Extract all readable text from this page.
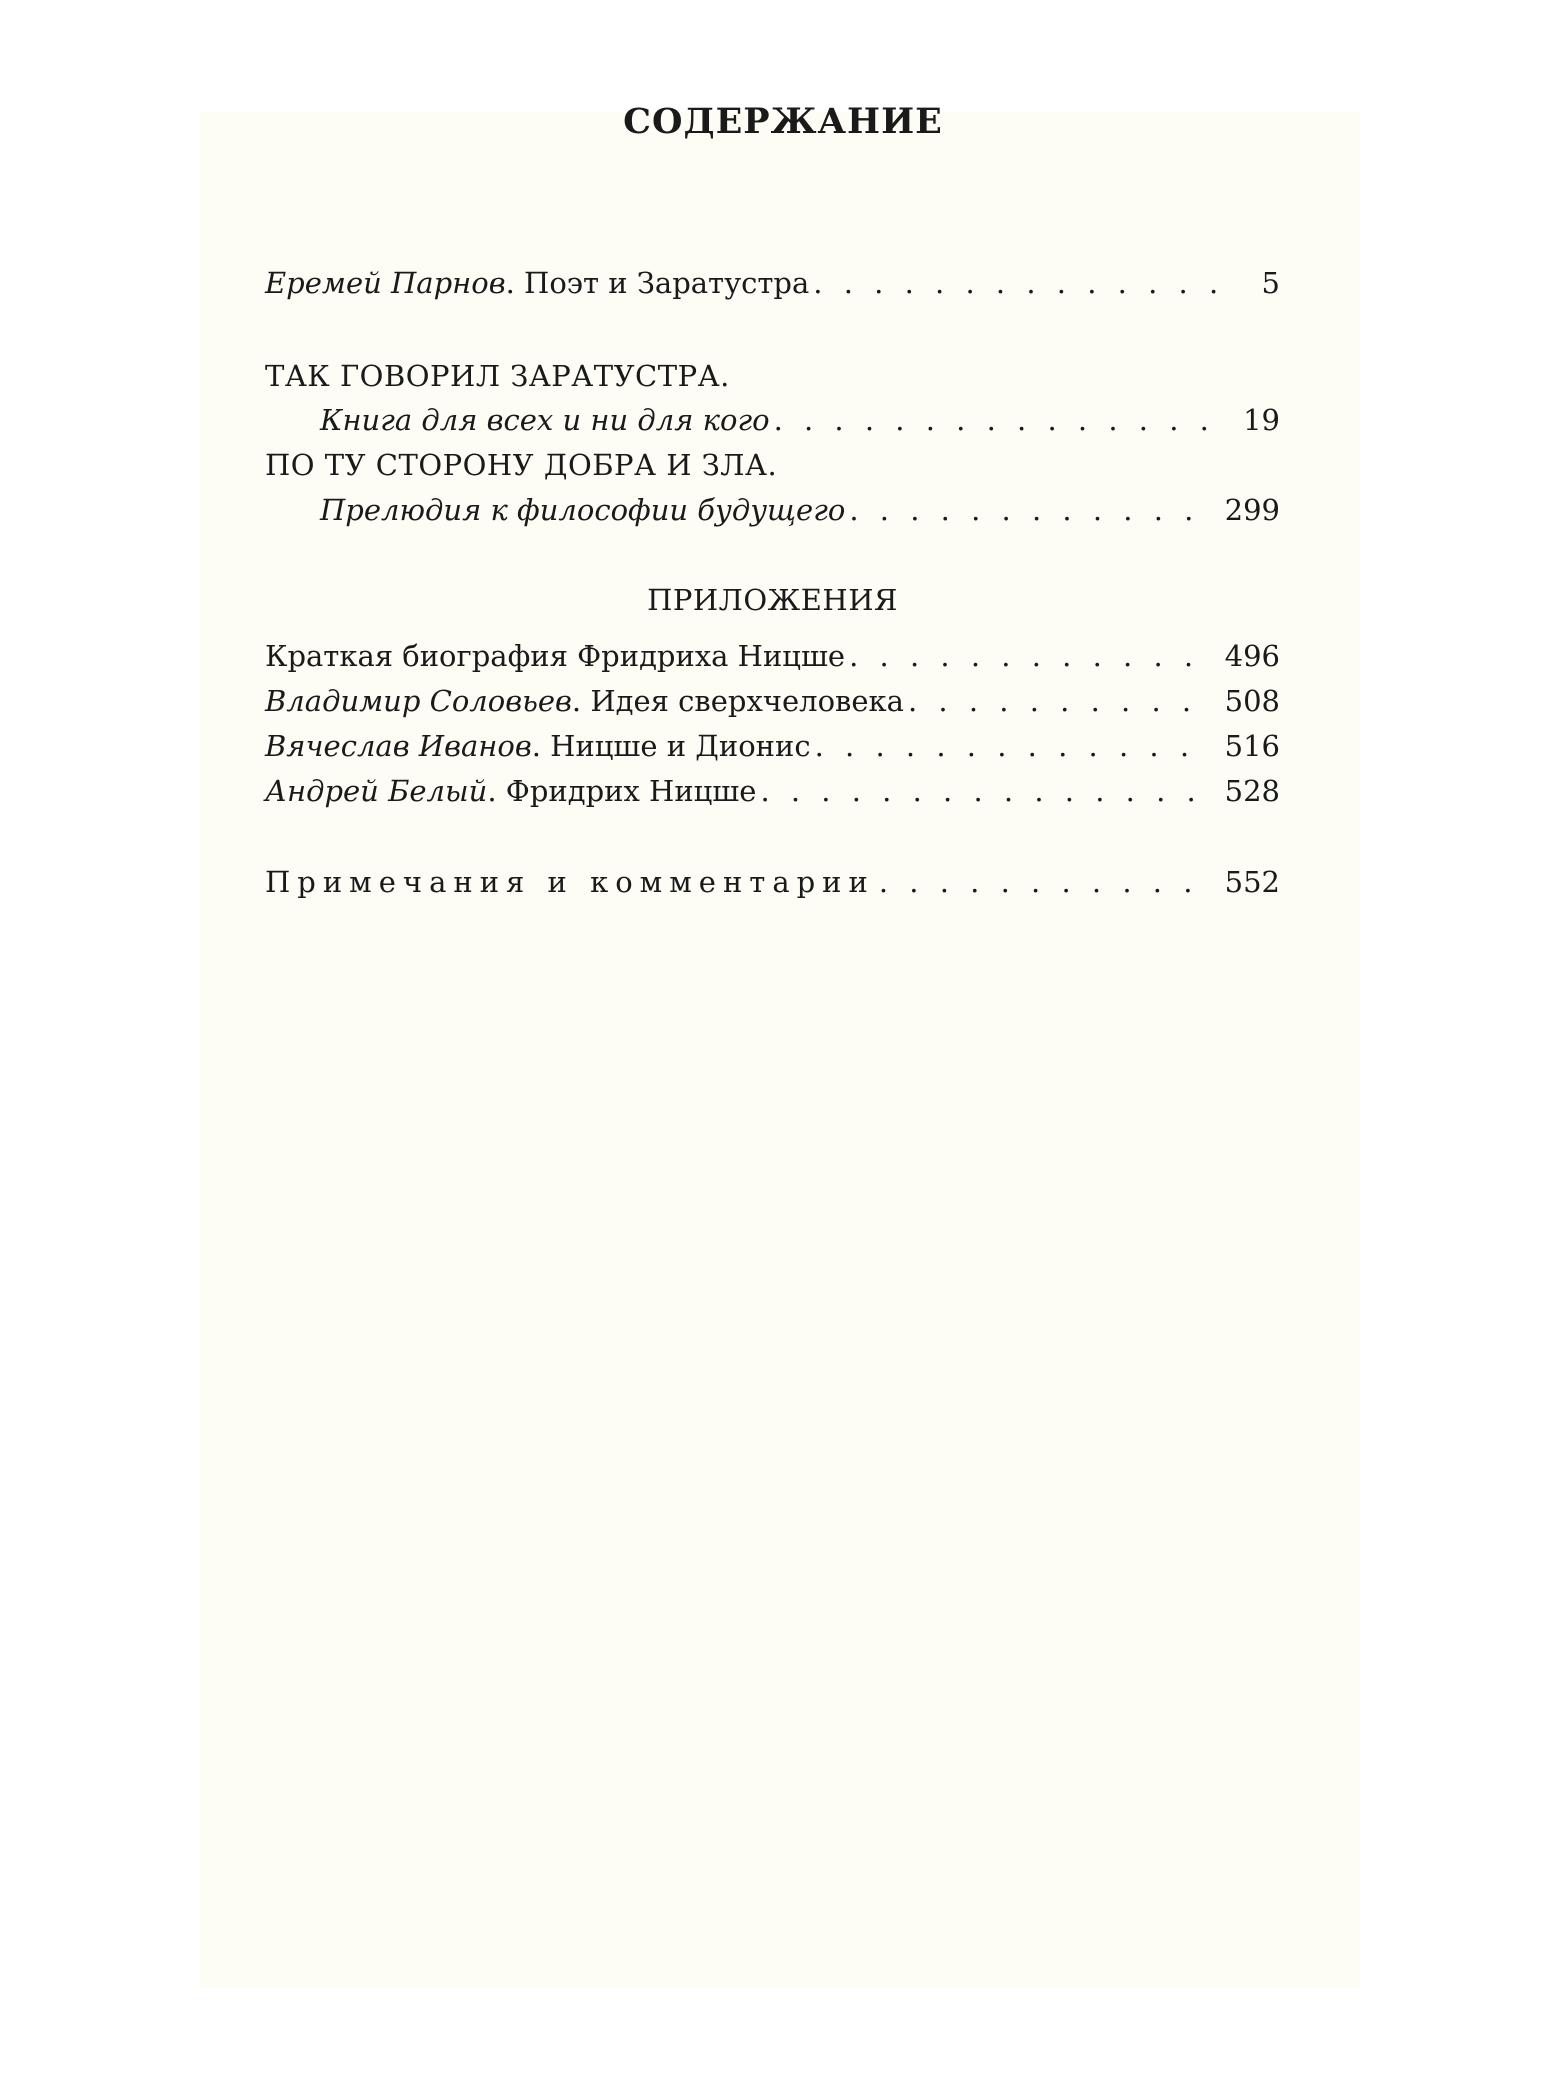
СОДЕРЖАНИЕ
Еремей Парнов. Поэт и Заратустра . . .	5
ТАК ГОВОРИЛ ЗАРАТУСТРА.
Книга для всех и ни для кого . . .	19
ПО ТУ СТОРОНУ ДОБРА И ЗЛА.
Прелюдия к философии будущего . . .	299
ПРИЛОЖЕНИЯ
Краткая биография Фридриха Ницше . . .	496
Владимир Соловьев. Идея сверхчеловека . . .	508
Вячеслав Иванов. Ницше и Дионис . . .	516
Андрей Белый. Фридрих Ницше . . .	528
Примечания и комментарии . . .	552
